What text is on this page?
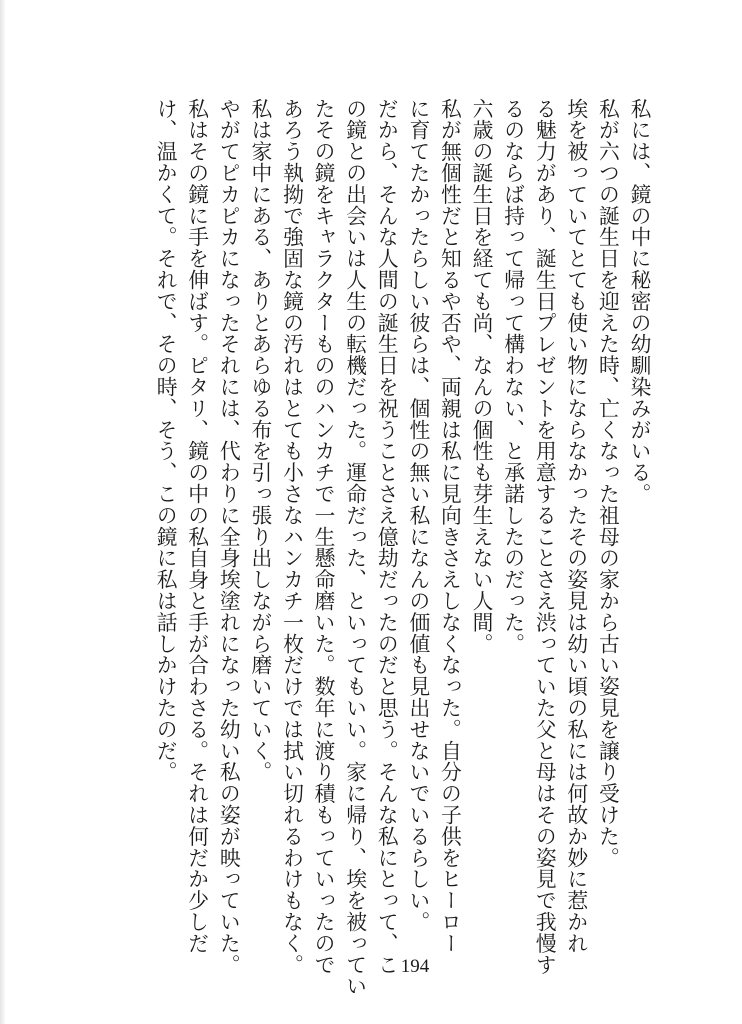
私には、鏡の中に秘密の幼馴染みがいる。
私が六つの誕生日を迎えた時、亡くなった祖母の家から古い姿見を譲り受けた。
埃を被っていてとても使い物にならなかったその姿見は幼い頃の私には何故か妙に惹かれ
る魅力があり、誕生日プレゼントを用意することさえ渋っていた父と母はその姿見で我慢す
るのならば持って帰って構わない、と承諾したのだった。
六歳の誕生日を経ても尚、なんの個性も芽生えない人間。
私が無個性だと知るや否や、両親は私に見向きさえしなくなった。自分の子供をヒーロー
に育てたかったらしい彼らは、個性の無い私になんの価値も見出せないでいるらしい。
だから、そんな人間の誕生日を祝うことさえ億劫だったのだと思う。そんな私にとって、こ
の鏡との出会いは人生の転機だった。運命だった、といってもいい。家に帰り、埃を被ってい
たその鏡をキャラクターもののハンカチで一生懸命磨いた。数年に渡り積もっていったので
あろう執拗で強固な鏡の汚れはとても小さなハンカチ一枚だけでは拭い切れるわけもなく。
私は家中にある、ありとあらゆる布を引っ張り出しながら磨いていく。
やがてピカピカになったそれには、代わりに全身埃塗れになった幼い私の姿が映っていた。
私はその鏡に手を伸ばす。ピタリ、鏡の中の私自身と手が合わさる。それは何だか少しだ
け、温かくて。それで、その時、そう、この鏡に私は話しかけたのだ。
194
